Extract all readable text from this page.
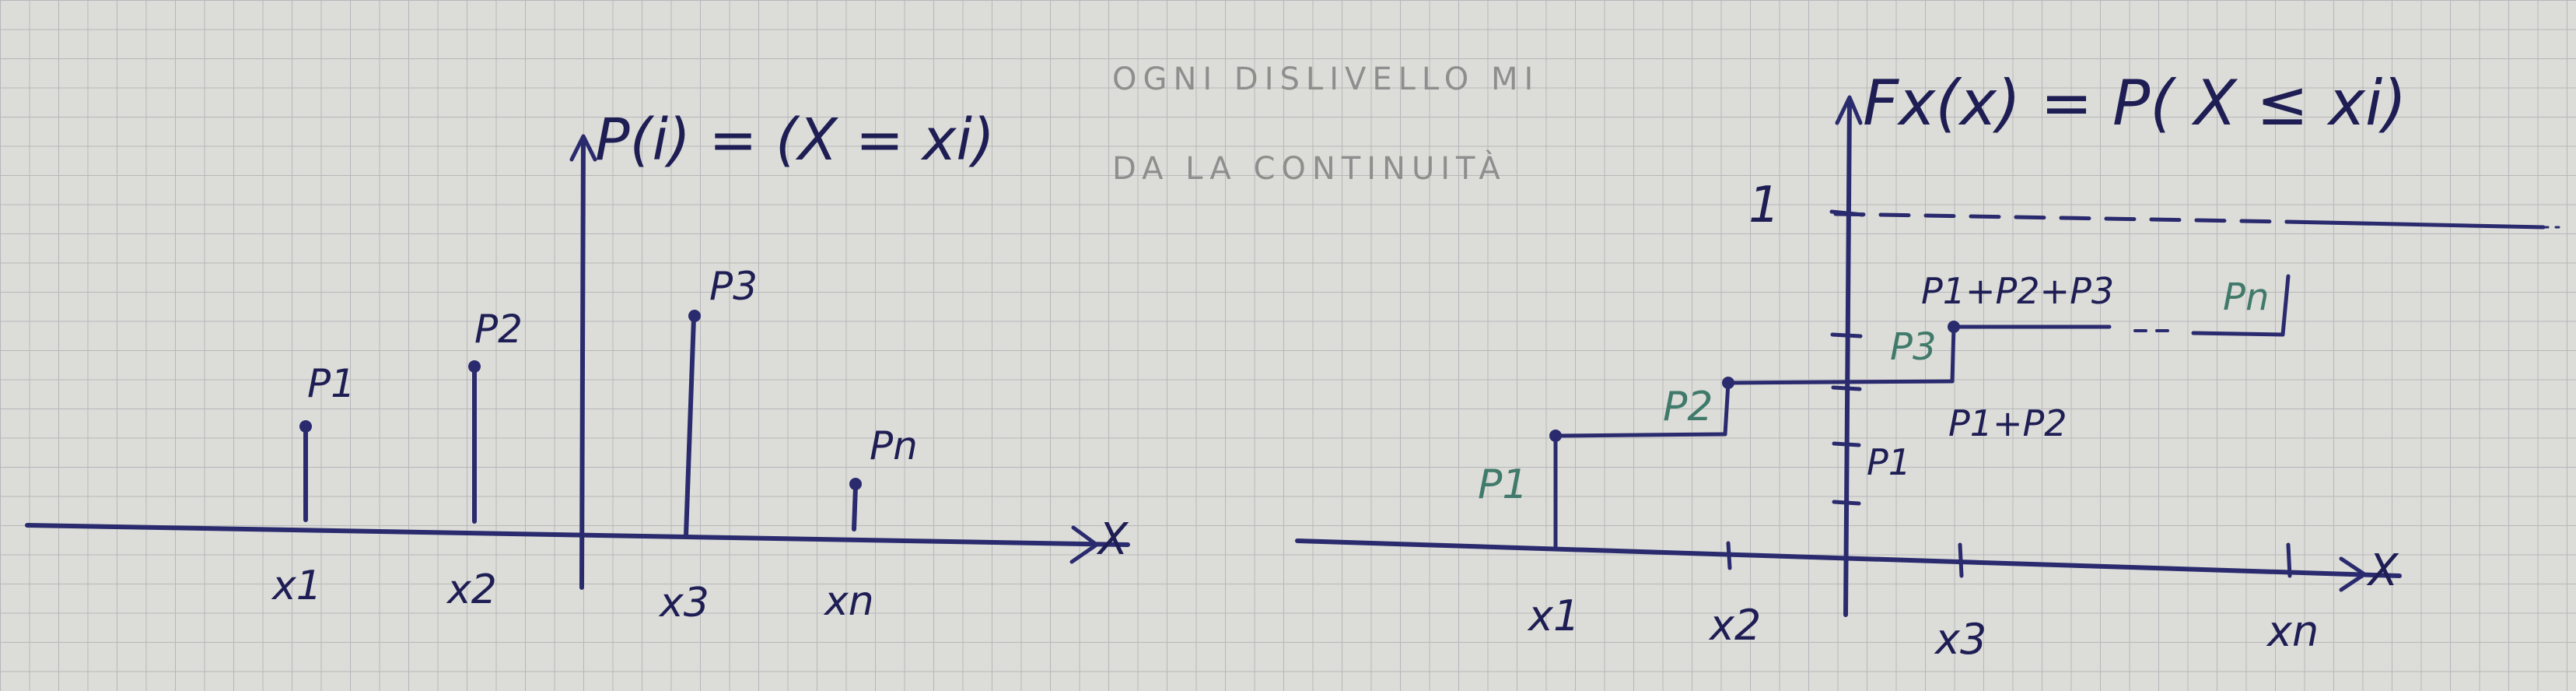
X
P(i) = (X = xi)
P1
P2
P3
Pn
x1	x2	x3	xn
OGNI DISLIVELLO MI
DA LA CONTINUITÀ
X
Fx(x) = P( X ≤ xi)
1
P1
P2
P3
Pn
P1
P1+P2
P1+P2+P3
x1	x2	x3	xn
